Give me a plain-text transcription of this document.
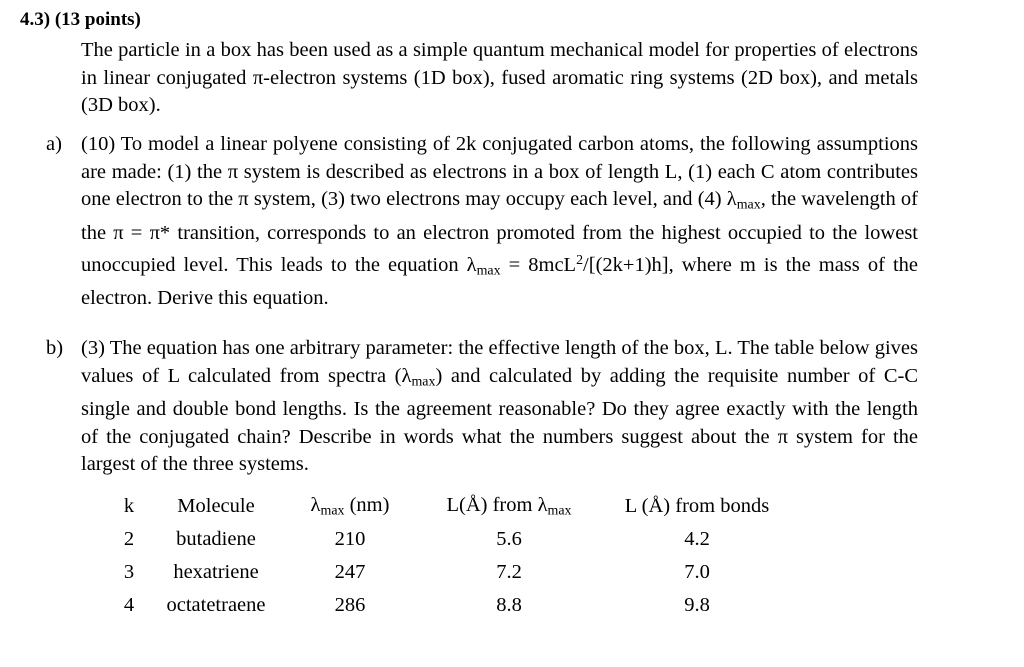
4.3) (13 points)
The particle in a box has been used as a simple quantum mechanical model for properties of electrons in linear conjugated π-electron systems (1D box), fused aromatic ring systems (2D box), and metals (3D box).
a) (10) To model a linear polyene consisting of 2k conjugated carbon atoms, the following assumptions are made: (1) the π system is described as electrons in a box of length L, (1) each C atom contributes one electron to the π system, (3) two electrons may occupy each level, and (4) $\lambda_{max}$, the wavelength of the π = π* transition, corresponds to an electron promoted from the highest occupied to the lowest unoccupied level. This leads to the equation $\lambda_{max} = 8mcL^2/[(2k+1)h]$, where m is the mass of the electron. Derive this equation.
b) (3) The equation has one arbitrary parameter: the effective length of the box, L. The table below gives values of L calculated from spectra $(\lambda_{max})$ and calculated by adding the requisite number of C-C single and double bond lengths. Is the agreement reasonable? Do they agree exactly with the length of the conjugated chain? Describe in words what the numbers suggest about the π system for the largest of the three systems.
k	Molecule	$\lambda_{max}$ (nm)	L(Å) from $\lambda_{max}$	L (Å) from bonds
2	butadiene	210	5.6	4.2
3	hexatriene	247	7.2	7.0
4	octatetraene	286	8.8	9.8
